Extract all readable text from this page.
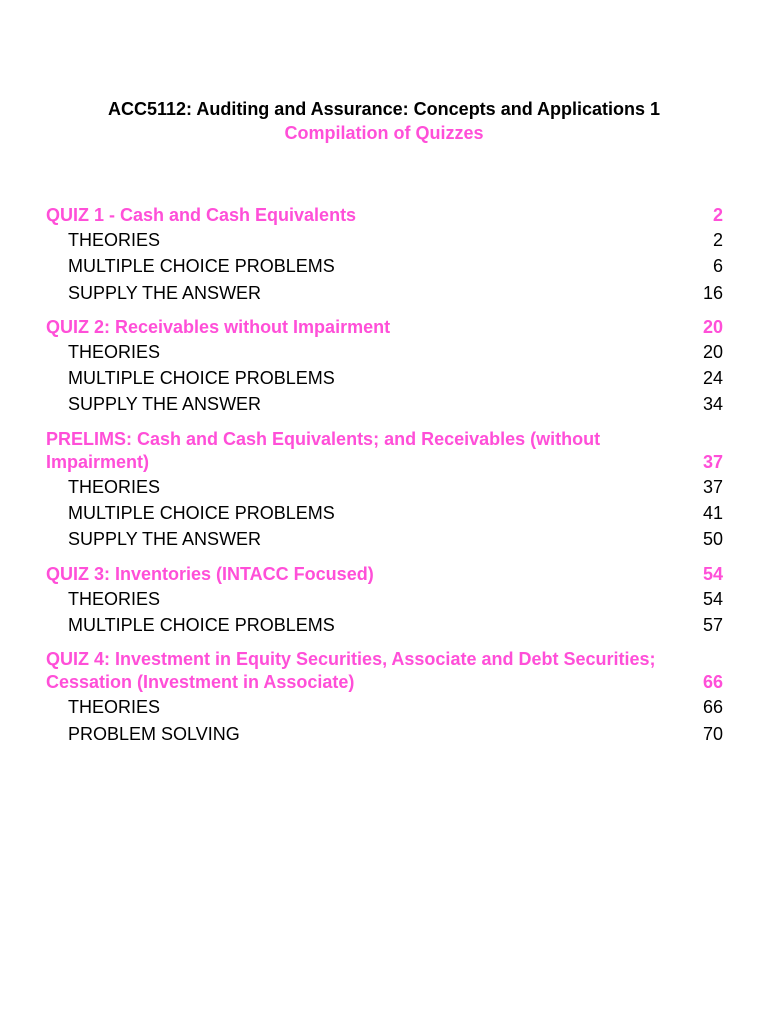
ACC5112: Auditing and Assurance: Concepts and Applications 1
Compilation of Quizzes
QUIZ 1 - Cash and Cash Equivalents	2
THEORIES	2
MULTIPLE CHOICE PROBLEMS	6
SUPPLY THE ANSWER	16
QUIZ 2: Receivables without Impairment	20
THEORIES	20
MULTIPLE CHOICE PROBLEMS	24
SUPPLY THE ANSWER	34
PRELIMS: Cash and Cash Equivalents; and Receivables (without Impairment)	37
THEORIES	37
MULTIPLE CHOICE PROBLEMS	41
SUPPLY THE ANSWER	50
QUIZ 3: Inventories (INTACC Focused)	54
THEORIES	54
MULTIPLE CHOICE PROBLEMS	57
QUIZ 4: Investment in Equity Securities, Associate and Debt Securities; Cessation (Investment in Associate)	66
THEORIES	66
PROBLEM SOLVING	70
